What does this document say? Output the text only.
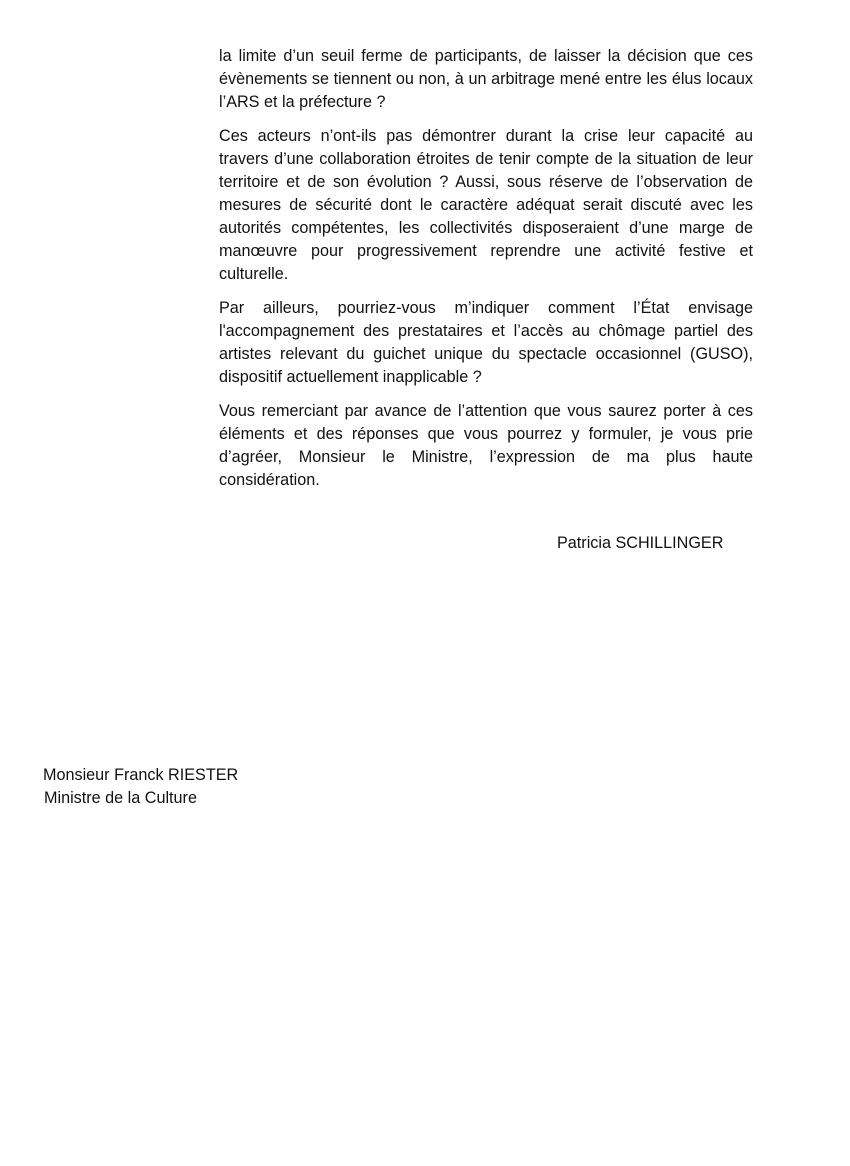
la limite d’un seuil ferme de participants, de laisser la décision que ces évènements se tiennent ou non, à un arbitrage mené entre les élus locaux l’ARS et la préfecture ?

Ces acteurs n’ont-ils pas démontrer durant la crise leur capacité au travers d’une collaboration étroites de tenir compte de la situation de leur territoire et de son évolution ? Aussi, sous réserve de l’observation de mesures de sécurité dont le caractère adéquat serait discuté avec les autorités compétentes, les collectivités disposeraient d’une marge de manœuvre pour progressivement reprendre une activité festive et culturelle.

Par ailleurs, pourriez-vous m’indiquer comment l’État envisage l'accompagnement des prestataires et l’accès au chômage partiel des artistes relevant du guichet unique du spectacle occasionnel (GUSO), dispositif actuellement inapplicable ?

Vous remerciant par avance de l’attention que vous saurez porter à ces éléments et des réponses que vous pourrez y formuler, je vous prie d’agréer, Monsieur le Ministre, l’expression de ma plus haute considération.

Patricia SCHILLINGER
Monsieur Franck RIESTER
Ministre de la Culture
